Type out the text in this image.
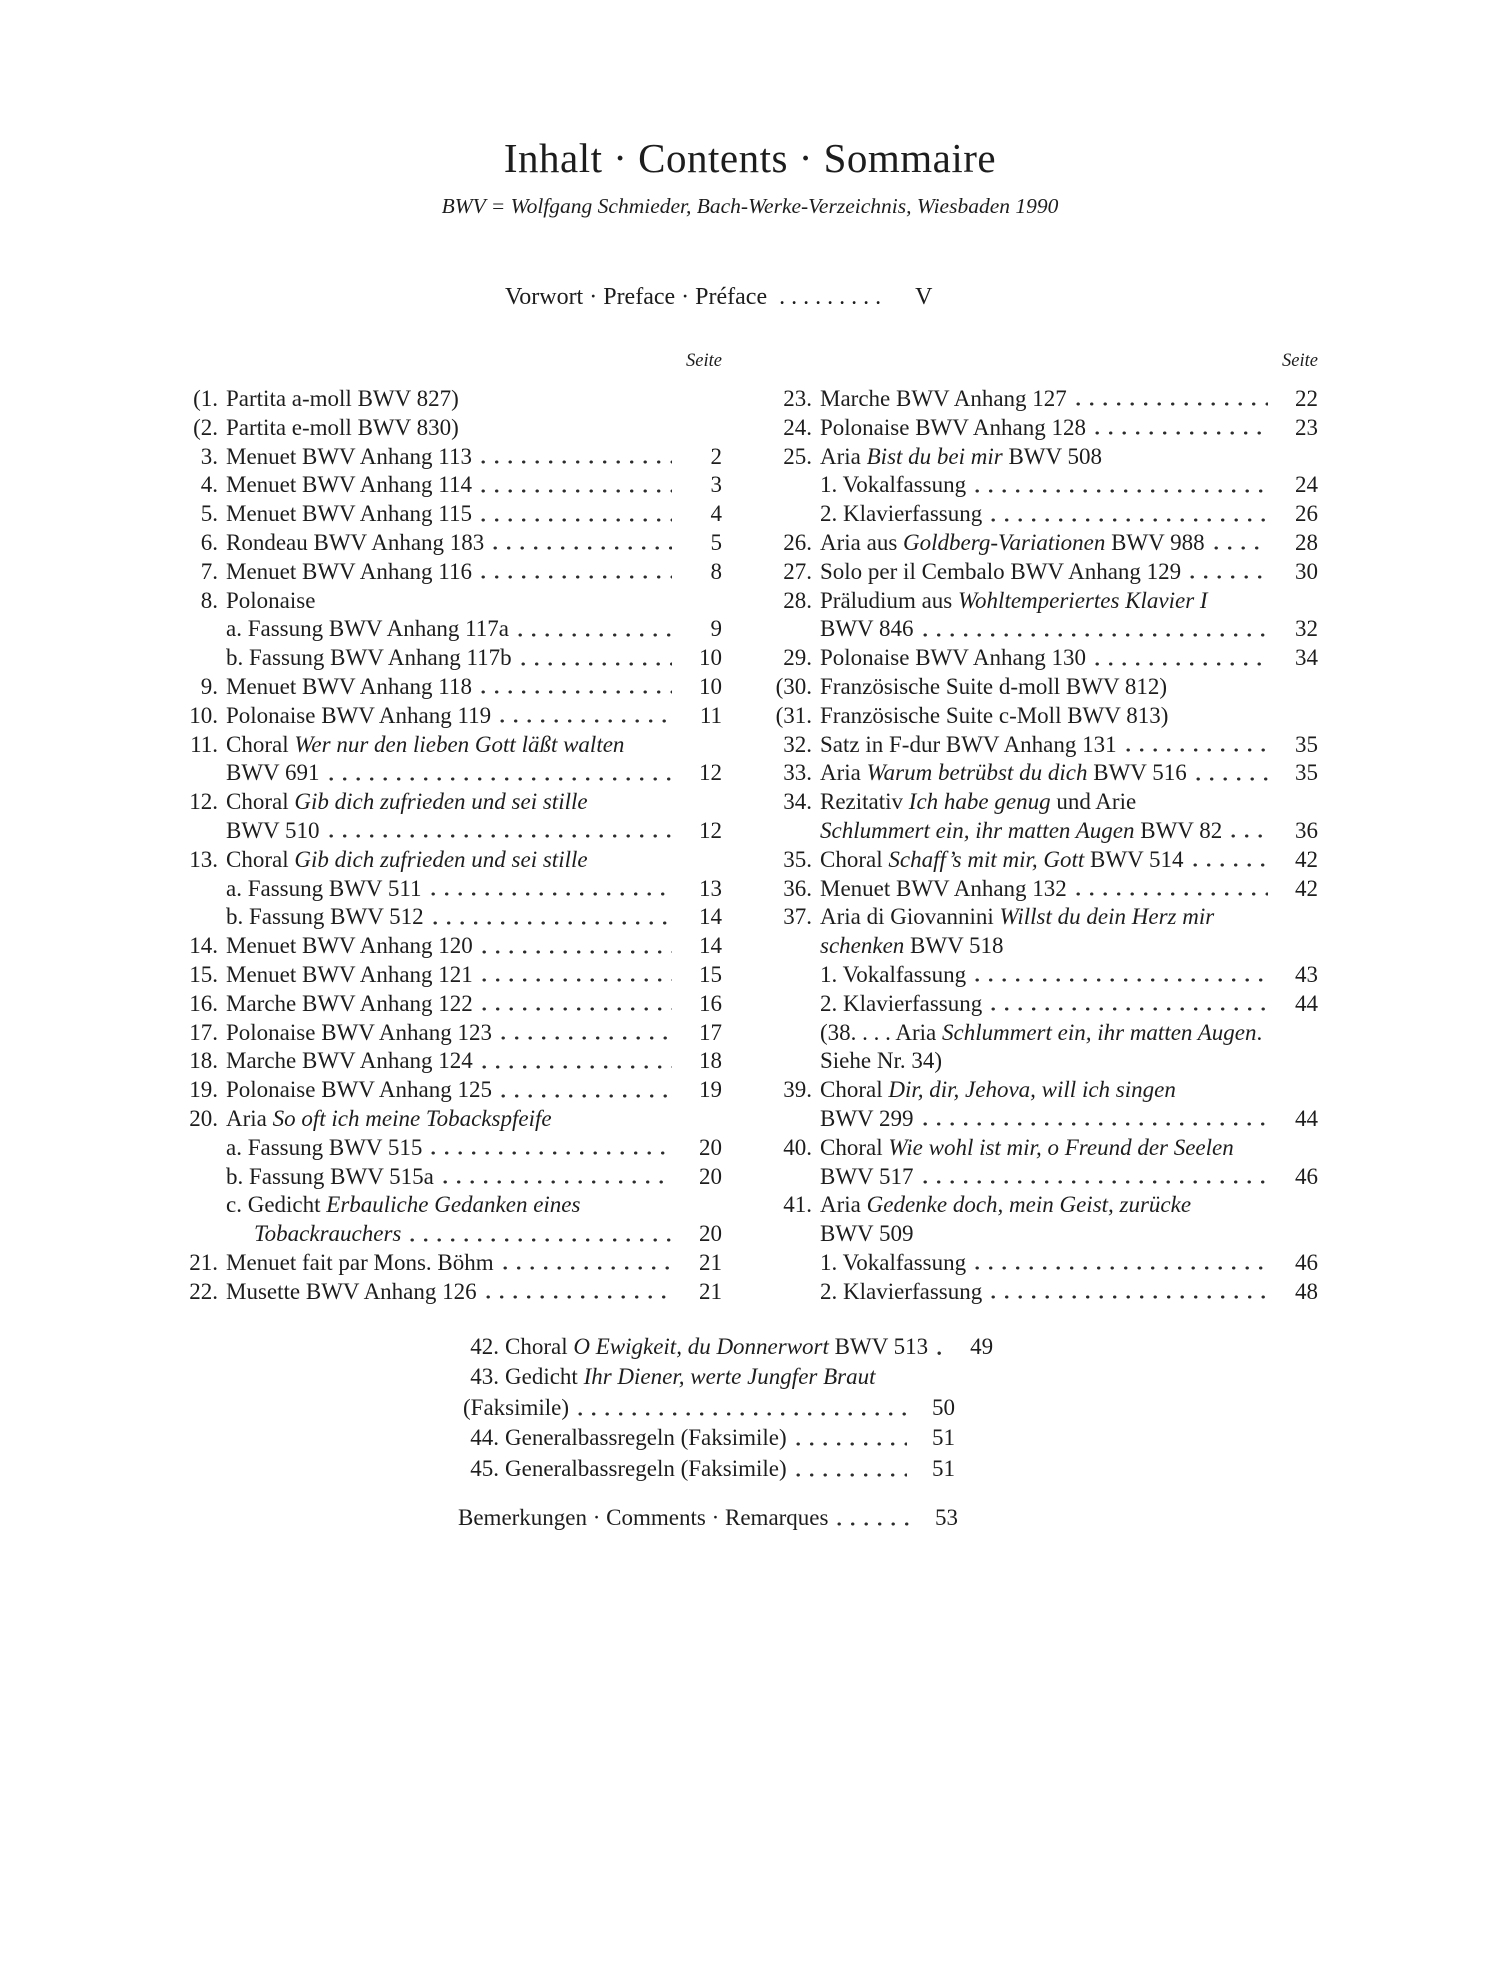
Inhalt · Contents · Sommaire
BWV = Wolfgang Schmieder, Bach-Werke-Verzeichnis, Wiesbaden 1990
Vorwort · Preface · Préface . . . . . . . . . V
Seite
(1. Partita a-moll BWV 827)
(2. Partita e-moll BWV 830)
3. Menuet BWV Anhang 113	2
4. Menuet BWV Anhang 114	3
5. Menuet BWV Anhang 115	4
6. Rondeau BWV Anhang 183	5
7. Menuet BWV Anhang 116	8
8. Polonaise
a. Fassung BWV Anhang 117a	9
b. Fassung BWV Anhang 117b	10
9. Menuet BWV Anhang 118	10
10. Polonaise BWV Anhang 119	11
11. Choral Wer nur den lieben Gott läßt walten
BWV 691	12
12. Choral Gib dich zufrieden und sei stille
BWV 510	12
13. Choral Gib dich zufrieden und sei stille
a. Fassung BWV 511	13
b. Fassung BWV 512	14
14. Menuet BWV Anhang 120	14
15. Menuet BWV Anhang 121	15
16. Marche BWV Anhang 122	16
17. Polonaise BWV Anhang 123	17
18. Marche BWV Anhang 124	18
19. Polonaise BWV Anhang 125	19
20. Aria So oft ich meine Tobackspfeife
a. Fassung BWV 515	20
b. Fassung BWV 515a	20
c. Gedicht Erbauliche Gedanken eines
Tobackrauchers	20
21. Menuet fait par Mons. Böhm	21
22. Musette BWV Anhang 126	21
Seite
23. Marche BWV Anhang 127	22
24. Polonaise BWV Anhang 128	23
25. Aria Bist du bei mir BWV 508
1. Vokalfassung	24
2. Klavierfassung	26
26. Aria aus Goldberg-Variationen BWV 988	28
27. Solo per il Cembalo BWV Anhang 129	30
28. Präludium aus Wohltemperiertes Klavier I
BWV 846	32
29. Polonaise BWV Anhang 130	34
(30. Französische Suite d-moll BWV 812)
(31. Französische Suite c-Moll BWV 813)
32. Satz in F-dur BWV Anhang 131	35
33. Aria Warum betrübst du dich BWV 516	35
34. Rezitativ Ich habe genug und Arie
Schlummert ein, ihr matten Augen BWV 82	36
35. Choral Schaff’s mit mir, Gott BWV 514	42
36. Menuet BWV Anhang 132	42
37. Aria di Giovannini Willst du dein Herz mir
schenken BWV 518
1. Vokalfassung	43
2. Klavierfassung	44
(38. . . . Aria Schlummert ein, ihr matten Augen.
Siehe Nr. 34)
39. Choral Dir, dir, Jehova, will ich singen
BWV 299	44
40. Choral Wie wohl ist mir, o Freund der Seelen
BWV 517	46
41. Aria Gedenke doch, mein Geist, zurücke
BWV 509
1. Vokalfassung	46
2. Klavierfassung	48
42. Choral O Ewigkeit, du Donnerwort BWV 513	49
43. Gedicht Ihr Diener, werte Jungfer Braut
(Faksimile)	50
44. Generalbassregeln (Faksimile)	51
45. Generalbassregeln (Faksimile)	51
Bemerkungen · Comments · Remarques	53
